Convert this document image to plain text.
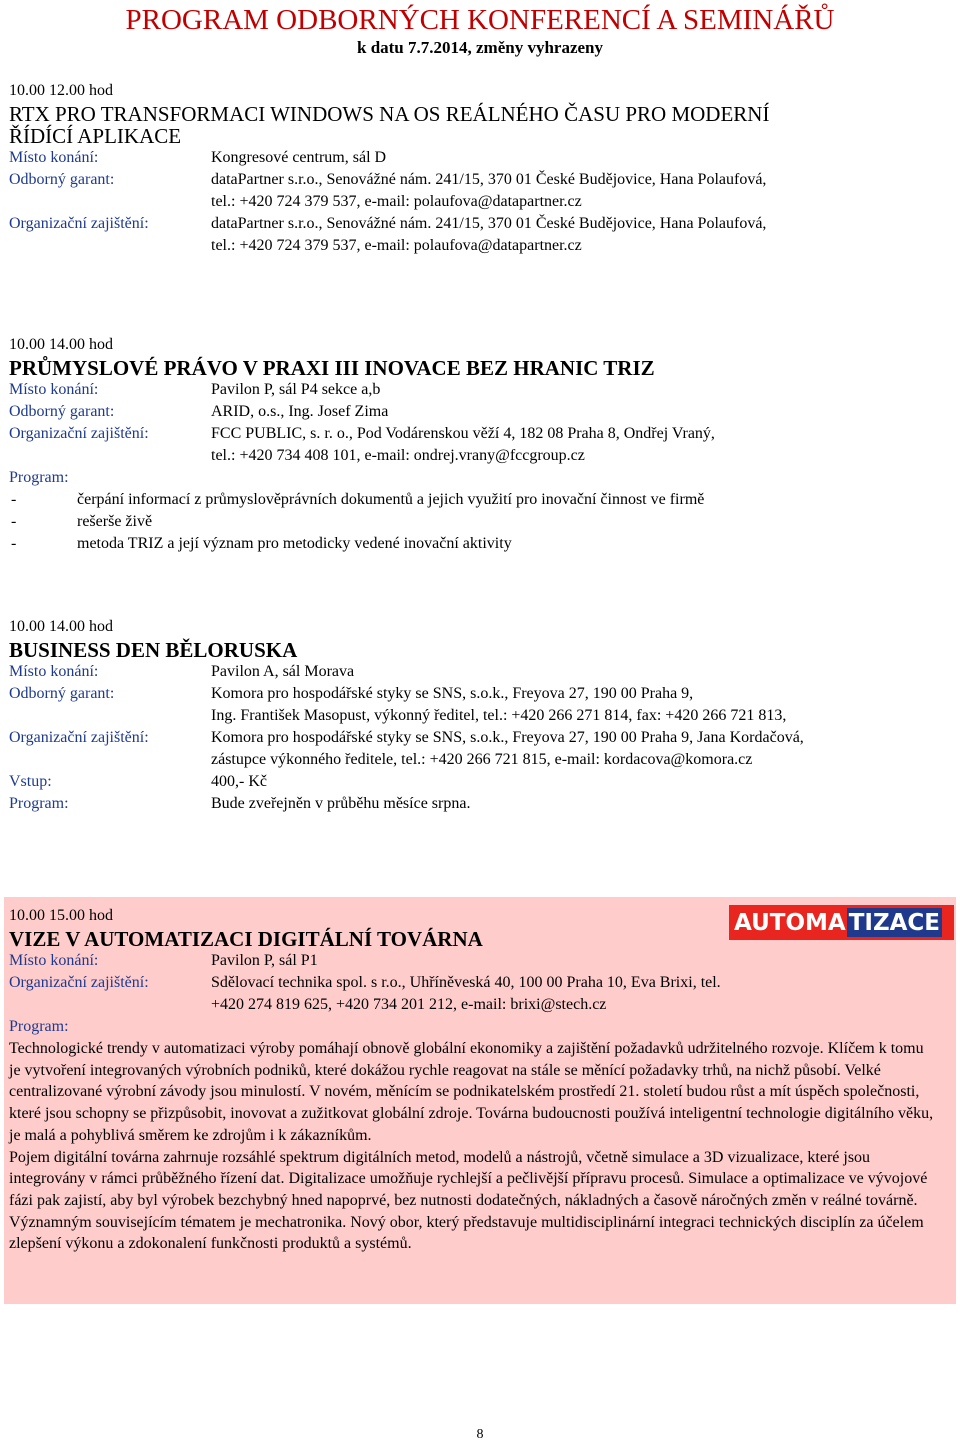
PROGRAM ODBORNÝCH KONFERENCÍ A SEMINÁŘŮ
k datu 7.7.2014, změny vyhrazeny
10.00 12.00 hod
RTX PRO TRANSFORMACI WINDOWS NA OS REÁLNÉHO ČASU PRO MODERNÍ
ŘÍDÍCÍ APLIKACE
Místo konání:	Kongresové centrum, sál D
Odborný garant:	dataPartner s.r.o., Senovážné nám. 241/15, 370 01 České Budějovice, Hana Polaufová,
tel.: +420 724 379 537, e-mail: polaufova@datapartner.cz
Organizační zajištění:	dataPartner s.r.o., Senovážné nám. 241/15, 370 01 České Budějovice, Hana Polaufová,
tel.: +420 724 379 537, e-mail: polaufova@datapartner.cz
10.00 14.00 hod
PRŮMYSLOVÉ PRÁVO V PRAXI III INOVACE BEZ HRANIC TRIZ
Místo konání:	Pavilon P, sál P4 sekce a,b
Odborný garant:	ARID, o.s., Ing. Josef Zima
Organizační zajištění:	FCC PUBLIC, s. r. o., Pod Vodárenskou věží 4, 182 08 Praha 8, Ondřej Vraný,
tel.: +420 734 408 101, e-mail: ondrej.vrany@fccgroup.cz
Program:
-	čerpání informací z průmyslověprávních dokumentů a jejich využití pro inovační činnost ve firmě
-	rešerše živě
-	metoda TRIZ a její význam pro metodicky vedené inovační aktivity
10.00 14.00 hod
BUSINESS DEN BĚLORUSKA
Místo konání:	Pavilon A, sál Morava
Odborný garant:	Komora pro hospodářské styky se SNS, s.o.k., Freyova 27, 190 00 Praha 9,
Ing. František Masopust, výkonný ředitel, tel.: +420 266 271 814, fax: +420 266 721 813,
Organizační zajištění:	Komora pro hospodářské styky se SNS, s.o.k., Freyova 27, 190 00 Praha 9, Jana Kordačová,
zástupce výkonného ředitele, tel.: +420 266 721 815, e-mail: kordacova@komora.cz
Vstup:	400,- Kč
Program:	Bude zveřejněn v průběhu měsíce srpna.
AUTOMA TIZACE
10.00 15.00 hod
VIZE V AUTOMATIZACI DIGITÁLNÍ TOVÁRNA
Místo konání:	Pavilon P, sál P1
Organizační zajištění:	Sdělovací technika spol. s r.o., Uhříněveská 40, 100 00 Praha 10, Eva Brixi, tel.
+420 274 819 625, +420 734 201 212, e-mail: brixi@stech.cz
Program:
Technologické trendy v automatizaci výroby pomáhají obnově globální ekonomiky a zajištění požadavků udržitelného rozvoje. Klíčem k tomu je vytvoření integrovaných výrobních podniků, které dokážou rychle reagovat na stále se měnící požadavky trhů, na nichž působí. Velké centralizované výrobní závody jsou minulostí. V novém, měnícím se podnikatelském prostředí 21. století budou růst a mít úspěch společnosti, které jsou schopny se přizpůsobit, inovovat a zužitkovat globální zdroje. Továrna budoucnosti používá inteligentní technologie digitálního věku, je malá a pohyblivá směrem ke zdrojům i k zákazníkům.
Pojem digitální továrna zahrnuje rozsáhlé spektrum digitálních metod, modelů a nástrojů, včetně simulace a 3D vizualizace, které jsou integrovány v rámci průběžného řízení dat. Digitalizace umožňuje rychlejší a pečlivější přípravu procesů. Simulace a optimalizace ve vývojové fázi pak zajistí, aby byl výrobek bezchybný hned napoprvé, bez nutnosti dodatečných, nákladných a časově náročných změn v reálné továrně. Významným souvisejícím tématem je mechatronika. Nový obor, který představuje multidisciplinární integraci technických disciplín za účelem zlepšení výkonu a zdokonalení funkčnosti produktů a systémů.
8
